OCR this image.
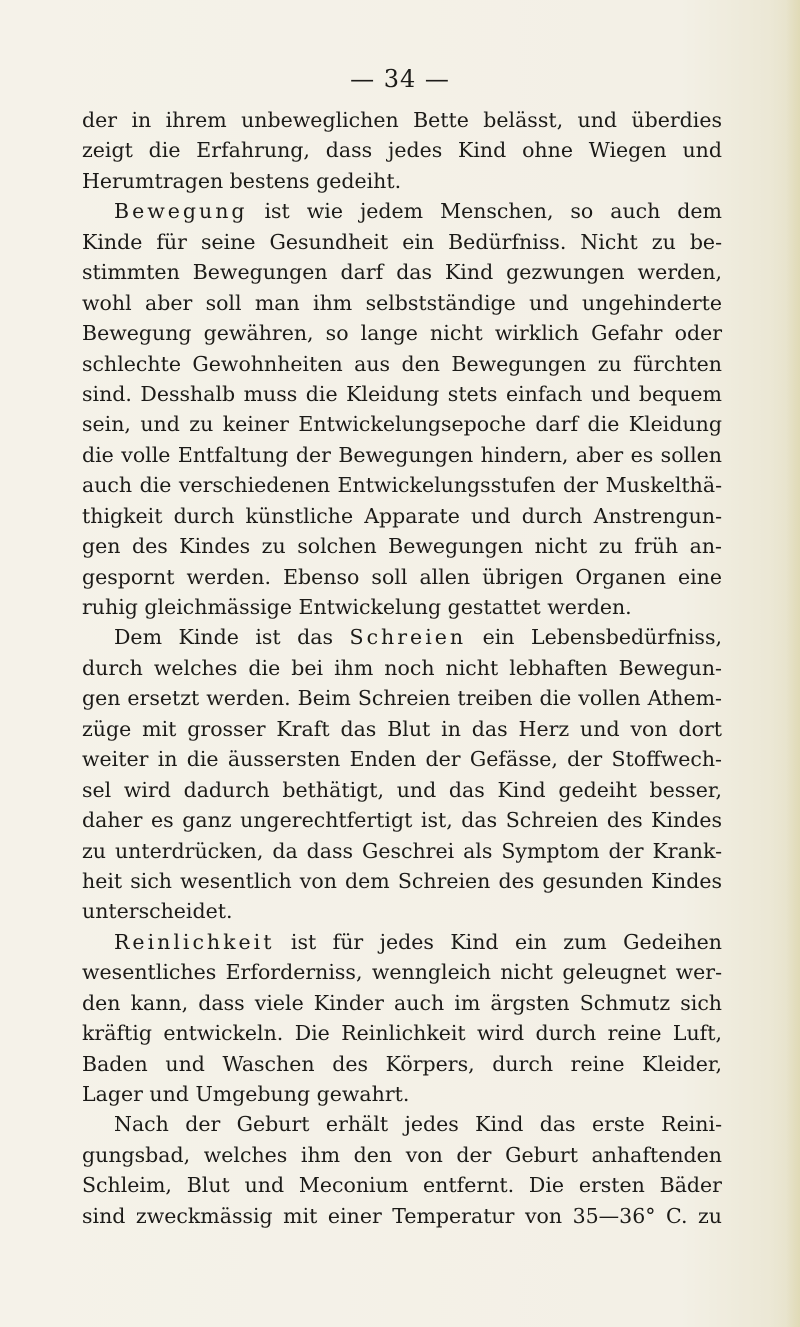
— 34 —
der in ihrem unbeweglichen Bette belässt, und überdies
zeigt die Erfahrung, dass jedes Kind ohne Wiegen und
Herumtragen bestens gedeiht.
Bewegung ist wie jedem Menschen, so auch dem
Kinde für seine Gesundheit ein Bedürfniss. Nicht zu be-
stimmten Bewegungen darf das Kind gezwungen werden,
wohl aber soll man ihm selbstständige und ungehinderte
Bewegung gewähren, so lange nicht wirklich Gefahr oder
schlechte Gewohnheiten aus den Bewegungen zu fürchten
sind. Desshalb muss die Kleidung stets einfach und bequem
sein, und zu keiner Entwickelungsepoche darf die Kleidung
die volle Entfaltung der Bewegungen hindern, aber es sollen
auch die verschiedenen Entwickelungsstufen der Muskelthä-
thigkeit durch künstliche Apparate und durch Anstrengun-
gen des Kindes zu solchen Bewegungen nicht zu früh an-
gespornt werden. Ebenso soll allen übrigen Organen eine
ruhig gleichmässige Entwickelung gestattet werden.
Dem Kinde ist das Schreien ein Lebensbedürfniss,
durch welches die bei ihm noch nicht lebhaften Bewegun-
gen ersetzt werden. Beim Schreien treiben die vollen Athem-
züge mit grosser Kraft das Blut in das Herz und von dort
weiter in die äussersten Enden der Gefässe, der Stoffwech-
sel wird dadurch bethätigt, und das Kind gedeiht besser,
daher es ganz ungerechtfertigt ist, das Schreien des Kindes
zu unterdrücken, da dass Geschrei als Symptom der Krank-
heit sich wesentlich von dem Schreien des gesunden Kindes
unterscheidet.
Reinlichkeit ist für jedes Kind ein zum Gedeihen
wesentliches Erforderniss, wenngleich nicht geleugnet wer-
den kann, dass viele Kinder auch im ärgsten Schmutz sich
kräftig entwickeln. Die Reinlichkeit wird durch reine Luft,
Baden und Waschen des Körpers, durch reine Kleider,
Lager und Umgebung gewahrt.
Nach der Geburt erhält jedes Kind das erste Reini-
gungsbad, welches ihm den von der Geburt anhaftenden
Schleim, Blut und Meconium entfernt. Die ersten Bäder
sind zweckmässig mit einer Temperatur von 35—36° C. zu
